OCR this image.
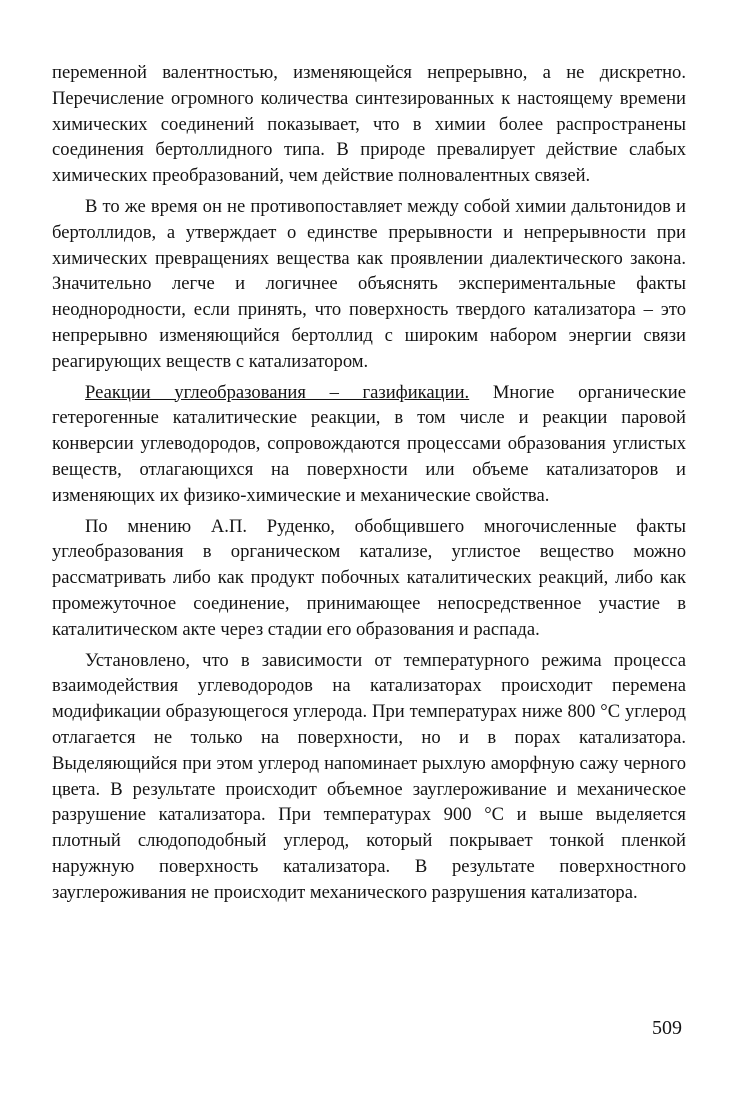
переменной валентностью, изменяющейся непрерывно, а не дискретно. Перечисление огромного количества синтезированных к настоящему времени химических соединений показывает, что в химии более распространены соединения бертоллидного типа. В природе превалирует действие слабых химических преобразований, чем действие полновалентных связей.

В то же время он не противопоставляет между собой химии дальтонидов и бертоллидов, а утверждает о единстве прерывности и непрерывности при химических превращениях вещества как проявлении диалектического закона. Значительно легче и логичнее объяснять экспериментальные факты неоднородности, если принять, что поверхность твердого катализатора – это непрерывно изменяющийся бертоллид с широким набором энергии связи реагирующих веществ с катализатором.

Реакции углеобразования – газификации. Многие органические гетерогенные каталитические реакции, в том числе и реакции паровой конверсии углеводородов, сопровождаются процессами образования углистых веществ, отлагающихся на поверхности или объеме катализаторов и изменяющих их физико-химические и механические свойства.

По мнению А.П. Руденко, обобщившего многочисленные факты углеобразования в органическом катализе, углистое вещество можно рассматривать либо как продукт побочных каталитических реакций, либо как промежуточное соединение, принимающее непосредственное участие в каталитическом акте через стадии его образования и распада.

Установлено, что в зависимости от температурного режима процесса взаимодействия углеводородов на катализаторах происходит перемена модификации образующегося углерода. При температурах ниже 800 °С углерод отлагается не только на поверхности, но и в порах катализатора. Выделяющийся при этом углерод напоминает рыхлую аморфную сажу черного цвета. В результате происходит объемное зауглероживание и механическое разрушение катализатора. При температурах 900 °С и выше выделяется плотный слюдоподобный углерод, который покрывает тонкой пленкой наружную поверхность катализатора. В результате поверхностного зауглероживания не происходит механического разрушения катализатора.

509
